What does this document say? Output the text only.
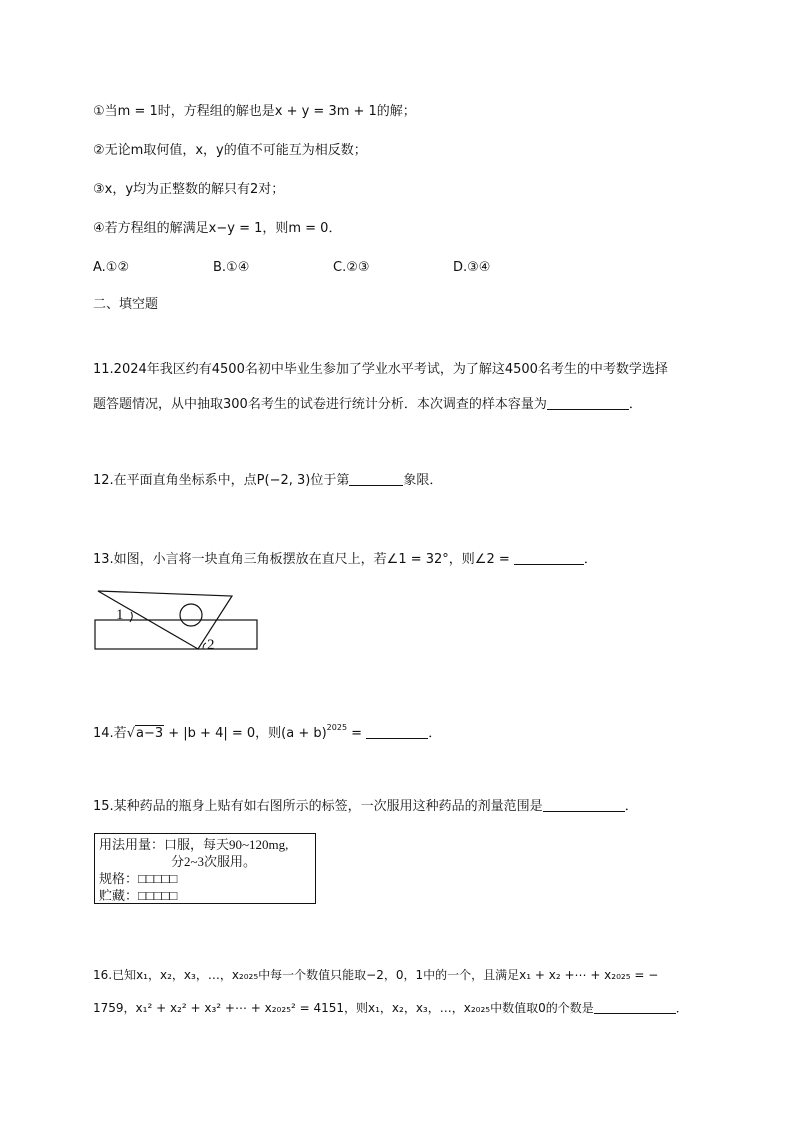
①当m = 1时，方程组的解也是x + y = 3m + 1的解；
②无论m取何值，x，y的值不可能互为相反数；
③x，y均为正整数的解只有2对；
④若方程组的解满足x−y = 1，则m = 0．
A.①②	B.①④	C.②③	D.③④
二、填空题
11.2024年我区约有4500名初中毕业生参加了学业水平考试，为了解这4500名考生的中考数学选择
题答题情况，从中抽取300名考生的试卷进行统计分析．本次调查的样本容量为	．
12.在平面直角坐标系中，点P(−2, 3)位于第	象限．
13.如图，小言将一块直角三角板摆放在直尺上，若∠1 = 32°，则∠2 =	．
1
2
14.若√a−3 + |b + 4| = 0，则$(a + b)^{2025}$ =	．
15.某种药品的瓶身上贴有如右图所示的标签，一次服用这种药品的剂量范围是	．
用法用量：口服，每天90~120mg,
分2~3次服用。
规格：□□□□□
贮藏：□□□□□
16.已知x₁，x₂，x₃，…，x₂₀₂₅中每一个数值只能取−2，0，1中的一个，且满足x₁ + x₂ +⋯ + x₂₀₂₅ = −
1759，x₁² + x₂² + x₃² +⋯ + x₂₀₂₅² = 4151，则x₁，x₂，x₃，…，x₂₀₂₅中数值取0的个数是	．
